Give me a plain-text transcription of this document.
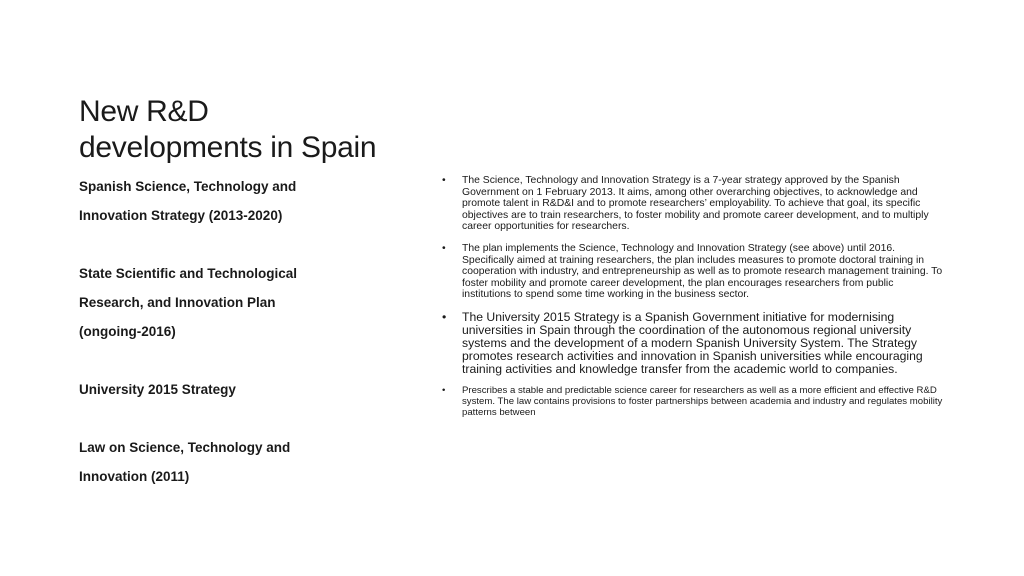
New R&D
developments in Spain
Spanish Science, Technology and
Innovation Strategy (2013-2020)
State Scientific and Technological
Research, and Innovation Plan
(ongoing-2016)
University 2015 Strategy
Law on Science, Technology and
Innovation (2011)
• The Science, Technology and Innovation Strategy is a 7-year strategy approved by the Spanish Government on 1 February 2013. It aims, among other overarching objectives, to acknowledge and promote talent in R&D&I and to promote researchers’ employability. To achieve that goal, its specific objectives are to train researchers, to foster mobility and promote career development, and to multiply career opportunities for researchers.
• The plan implements the Science, Technology and Innovation Strategy (see above) until 2016. Specifically aimed at training researchers, the plan includes measures to promote doctoral training in cooperation with industry, and entrepreneurship as well as to promote research management training. To foster mobility and promote career development, the plan encourages researchers from public institutions to spend some time working in the business sector.
• The University 2015 Strategy is a Spanish Government initiative for modernising universities in Spain through the coordination of the autonomous regional university systems and the development of a modern Spanish University System. The Strategy promotes research activities and innovation in Spanish universities while encouraging training activities and knowledge transfer from the academic world to companies.
• Prescribes a stable and predictable science career for researchers as well as a more efficient and effective R&D system. The law contains provisions to foster partnerships between academia and industry and regulates mobility patterns between
